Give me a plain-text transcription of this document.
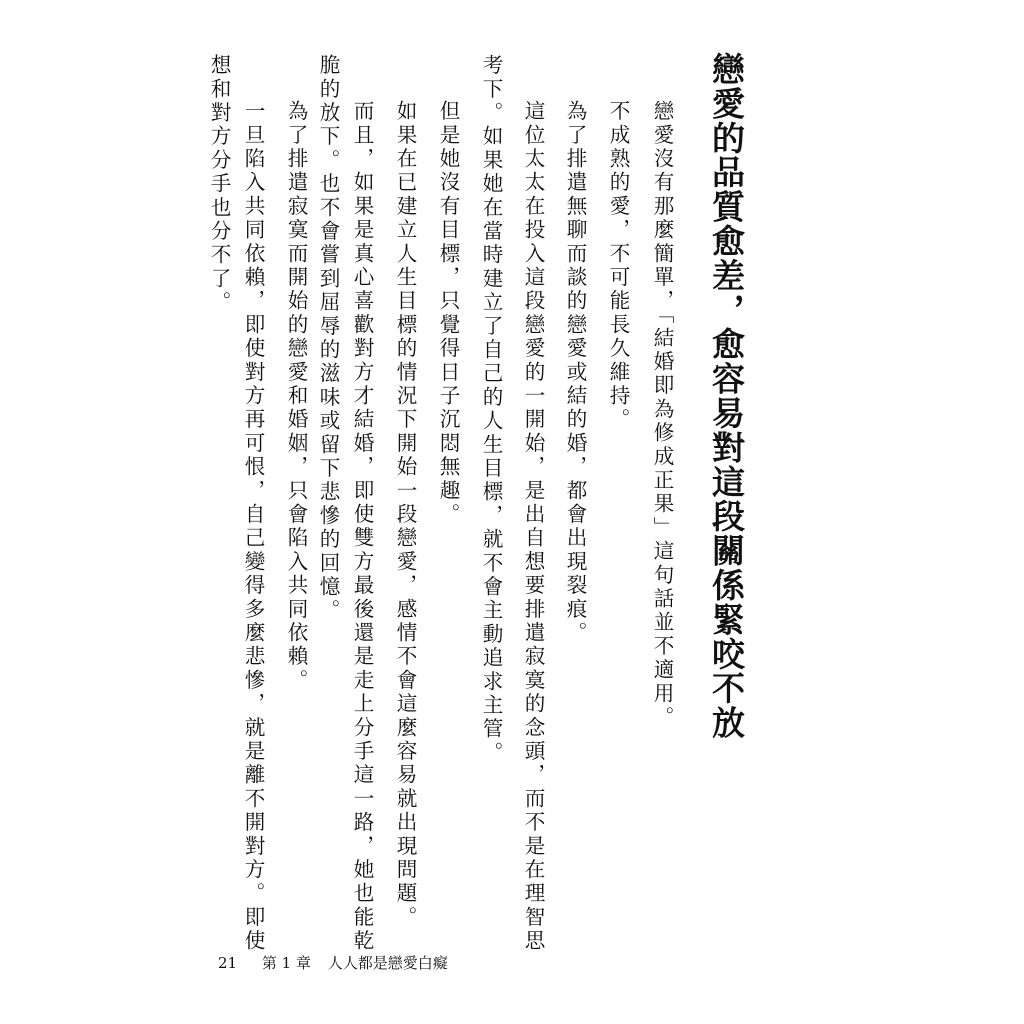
戀愛的品質愈差，愈容易對這段關係緊咬不放
戀愛沒有那麼簡單，「結婚即為修成正果」這句話並不適用。
不成熟的愛，不可能長久維持。
為了排遣無聊而談的戀愛或結的婚，都會出現裂痕。
這位太太在投入這段戀愛的一開始，是出自想要排遣寂寞的念頭，而不是在理智思
考下。如果她在當時建立了自己的人生目標，就不會主動追求主管。
但是她沒有目標，只覺得日子沉悶無趣。
如果在已建立人生目標的情況下開始一段戀愛，感情不會這麼容易就出現問題。
而且，如果是真心喜歡對方才結婚，即使雙方最後還是走上分手這一路，她也能乾
脆的放下。也不會嘗到屈辱的滋味或留下悲慘的回憶。
為了排遣寂寞而開始的戀愛和婚姻，只會陷入共同依賴。
一旦陷入共同依賴，即使對方再可恨，自己變得多麼悲慘，就是離不開對方。即使
想和對方分手也分不了。
21 第 1 章 人人都是戀愛白癡
